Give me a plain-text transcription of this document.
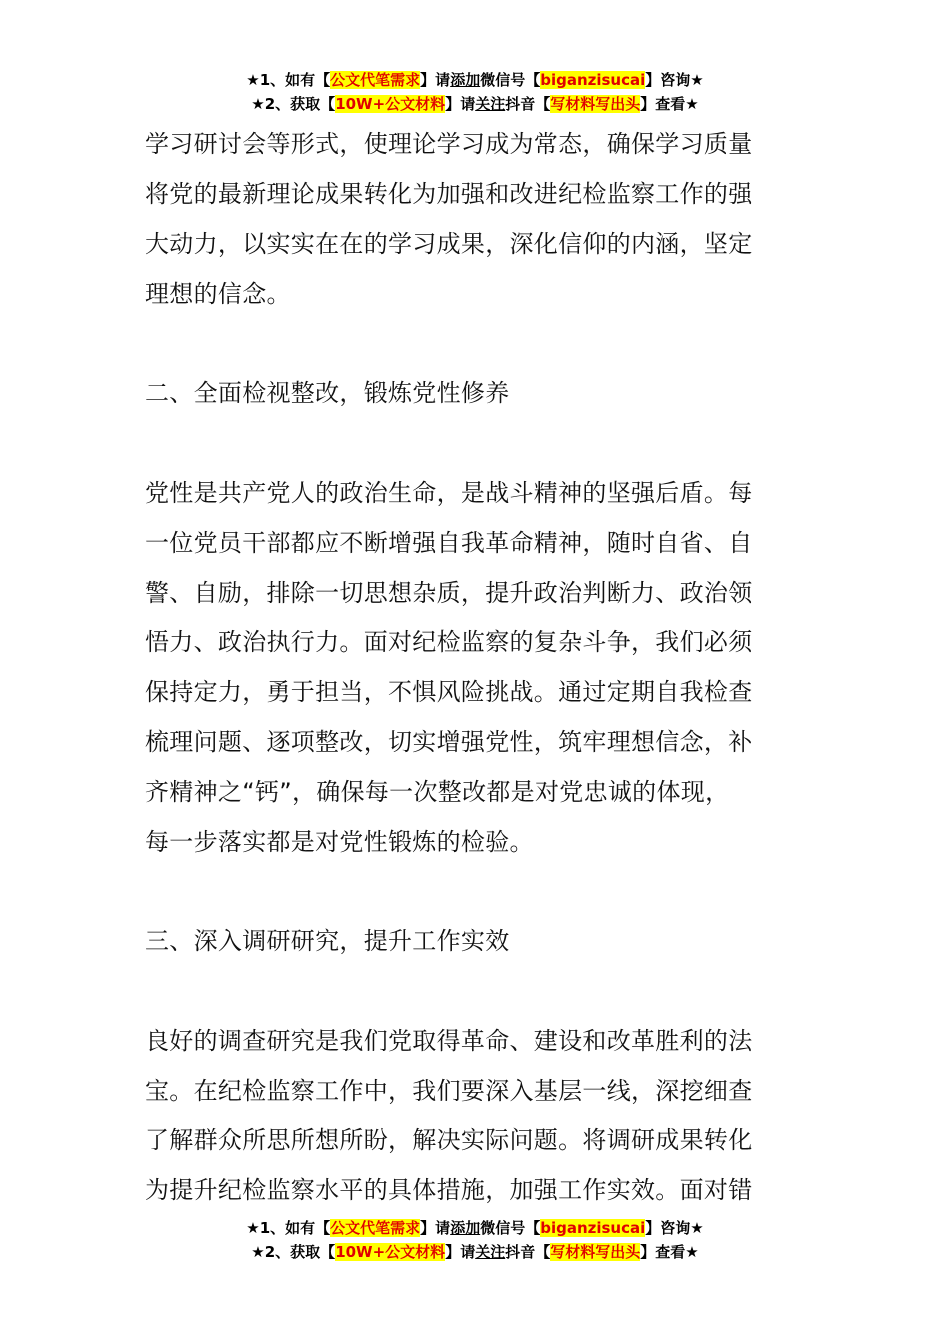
★1、如有【公文代笔需求】请添加微信号【biganzisucai】咨询★
★2、获取【10W+公文材料】请关注抖音【写材料写出头】查看★
学习研讨会等形式，使理论学习成为常态，确保学习质量
将党的最新理论成果转化为加强和改进纪检监察工作的强
大动力，以实实在在的学习成果，深化信仰的内涵，坚定
理想的信念。
二、全面检视整改，锻炼党性修养
党性是共产党人的政治生命，是战斗精神的坚强后盾。每
一位党员干部都应不断增强自我革命精神，随时自省、自
警、自励，排除一切思想杂质，提升政治判断力、政治领
悟力、政治执行力。面对纪检监察的复杂斗争，我们必须
保持定力，勇于担当，不惧风险挑战。通过定期自我检查
梳理问题、逐项整改，切实增强党性，筑牢理想信念，补
齐精神之“钙”，确保每一次整改都是对党忠诚的体现，
每一步落实都是对党性锻炼的检验。
三、深入调研研究，提升工作实效
良好的调查研究是我们党取得革命、建设和改革胜利的法
宝。在纪检监察工作中，我们要深入基层一线，深挖细查
了解群众所思所想所盼，解决实际问题。将调研成果转化
为提升纪检监察水平的具体措施，加强工作实效。面对错
★1、如有【公文代笔需求】请添加微信号【biganzisucai】咨询★
★2、获取【10W+公文材料】请关注抖音【写材料写出头】查看★
